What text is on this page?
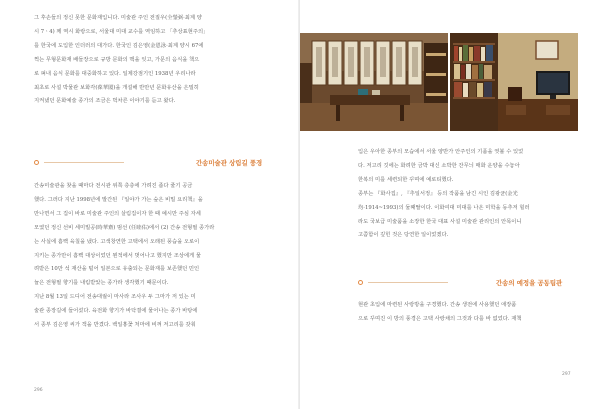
그 후손들의 정신 못한 문화재입니다. 미술관 주인 전질우(全鎣弼·최계 양
시 7ㆍ4) 께 역시 화랑으로, 서울대 미대 교수를 역임하고 「추상표현주의」
를 한국에 도입한 인더러의 대가다. 한국인 김은영(金恩泳·최계 양시 67에
찍는 무형문화재 배들장으로 규방 문화의 맥을 잇고, 가문의 음식을 책으
로 펴내 음식 문화를 대중화하고 있다. 일제강점기인 1938년 우리나라
최초로 사설 박물관 보화각(葆華閣)을 개설해 반만년 문화유산을 은밀히
지켜냈던 문화예술 종가의 조금은 벅차른 이야기를 듣고 왔다.
간송미술관 상림길 풍경
간송미술관을 찾을 때마다 전시관 위쪽 층층에 가려진 좁다 줄기 공금
했다. 그러다 지난 1998년에 발간된 『일야가 가는 숲은 비밀 요리책』을
만나면서 그 집이 바로 미술관 주인의 살림집이자 한 때 예시만 주심 자세
모였던 정신 선비 세미빌공(時華齋) 범선 (任睦佑)에서 (2) 간송 전형필 종가라
는 사실에 흠뻑 육칠을 냈다. 고색창연한 고택에서 오래된 풍습을 오로이
지키는 종가만이 흠뻑 대상이었던 뭔적에서 벗어나고 했지만 조상에게 물
려받은 10만 석 재산을 털어 일본으로 유출되는 문화재를 보존했던 민인
늘은 전형필 향기를 내림받았는 종가라 생각했기 때문이다.
지난 8월 13일 드디어 전송대궐이 마사라 조사우 두 그마가 저 있는 미
술관 종장길에 들어섰다. 육전화 향기가 바닥결에 물어나는 종가 바탕에
서 종부 김은영 씨가 객을 반겼다. 백일홍꽃 처마에 비껴 저고리를 갖춰
296
입은 우아한 종부의 모습에서 서울 양반가 안주인의 기품을 엿볼 수 있었
다. 저고리 깃에는 화려한 금박 대신 소박한 잔무늬 매화 운양을 수놓아
한복의 미를 세련되한 꾸며에 예로티했다.
종부는 『화사집』, 『추일서정』 등의 작품을 남긴 시인 김광균(金光
均·1914~1993)의 둘째딸이다. 이화여대 미대를 나온 미학을 동추저 힐러
라도 국보급 미술품을 소장한 한국 대표 사설 미술관 관리인의 안목이니
고쯤함이 깊힌 것은 당연한 일이었겠다.
간송의 예정을 공동팀관
현관 초입에 마련된 사랑방을 구경했다. 간송 생전에 사용했던 애장품
으로 꾸며진 이 방의 풍경은 고택 사랑채의 그것과 다를 바 없었다. 재책
297
